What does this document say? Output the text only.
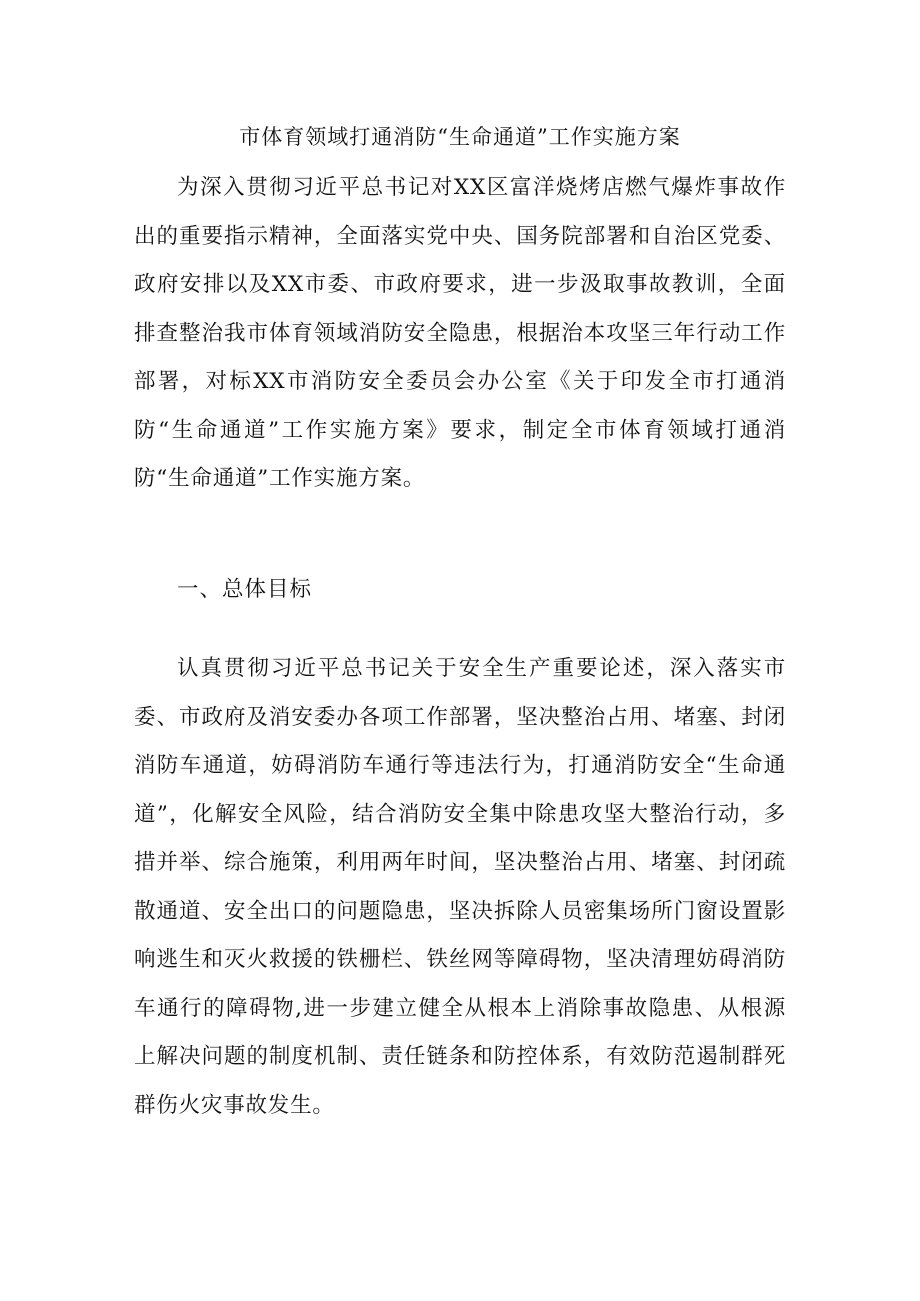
市体育领域打通消防“生命通道”工作实施方案

为深入贯彻习近平总书记对XX区富洋烧烤店燃气爆炸事故作出的重要指示精神，全面落实党中央、国务院部署和自治区党委、政府安排以及XX市委、市政府要求，进一步汲取事故教训，全面排查整治我市体育领域消防安全隐患，根据治本攻坚三年行动工作部署，对标XX市消防安全委员会办公室《关于印发全市打通消防“生命通道”工作实施方案》要求，制定全市体育领域打通消防“生命通道”工作实施方案。

一、总体目标

认真贯彻习近平总书记关于安全生产重要论述，深入落实市委、市政府及消安委办各项工作部署，坚决整治占用、堵塞、封闭消防车通道，妨碍消防车通行等违法行为，打通消防安全“生命通道”，化解安全风险，结合消防安全集中除患攻坚大整治行动，多措并举、综合施策，利用两年时间，坚决整治占用、堵塞、封闭疏散通道、安全出口的问题隐患，坚决拆除人员密集场所门窗设置影响逃生和灭火救援的铁栅栏、铁丝网等障碍物，坚决清理妨碍消防车通行的障碍物,进一步建立健全从根本上消除事故隐患、从根源上解决问题的制度机制、责任链条和防控体系，有效防范遏制群死群伤火灾事故发生。
